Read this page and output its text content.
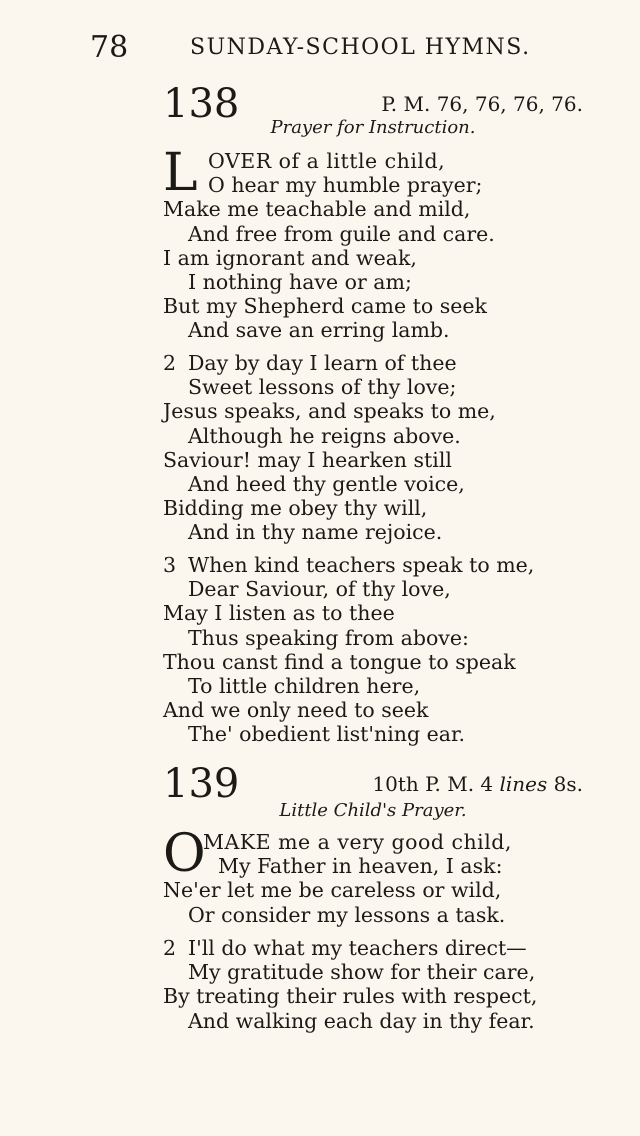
78	SUNDAY-SCHOOL HYMNS.
138	P. M. 76, 76, 76, 76.
Prayer for Instruction.
L OVER of a little child,
O hear my humble prayer;
Make me teachable and mild,
And free from guile and care.
I am ignorant and weak,
I nothing have or am;
But my Shepherd came to seek
And save an erring lamb.
2 Day by day I learn of thee
Sweet lessons of thy love;
Jesus speaks, and speaks to me,
Although he reigns above.
Saviour! may I hearken still
And heed thy gentle voice,
Bidding me obey thy will,
And in thy name rejoice.
3 When kind teachers speak to me,
Dear Saviour, of thy love,
May I listen as to thee
Thus speaking from above:
Thou canst find a tongue to speak
To little children here,
And we only need to seek
The' obedient list'ning ear.
139	10th P. M. 4 lines 8s.
Little Child's Prayer.
O
MAKE me a very good child,
My Father in heaven, I ask:
Ne'er let me be careless or wild,
Or consider my lessons a task.
2 I'll do what my teachers direct—
My gratitude show for their care,
By treating their rules with respect,
And walking each day in thy fear.
